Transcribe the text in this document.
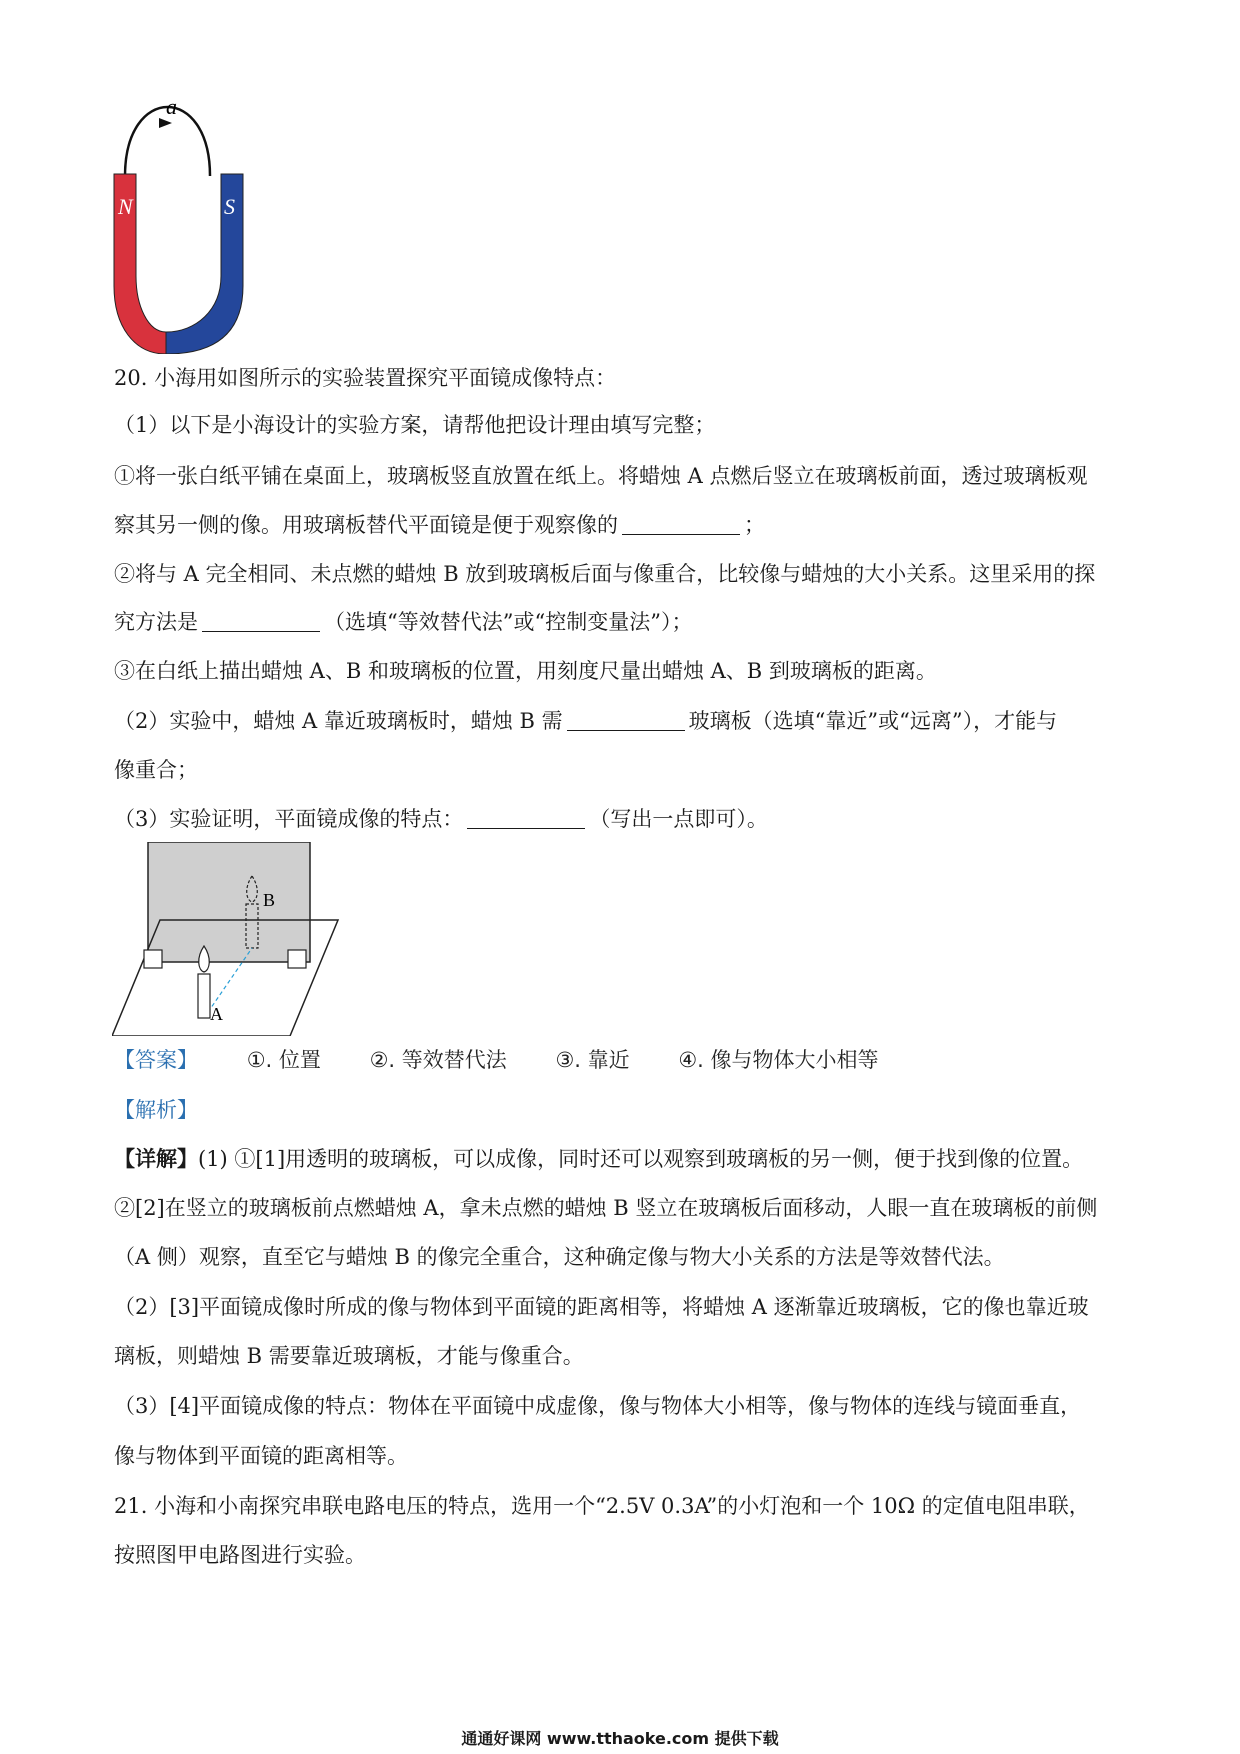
a
N	S
20. 小海用如图所示的实验装置探究平面镜成像特点：
（1）以下是小海设计的实验方案，请帮他把设计理由填写完整；
①将一张白纸平铺在桌面上，玻璃板竖直放置在纸上。将蜡烛 A 点燃后竖立在玻璃板前面，透过玻璃板观
察其另一侧的像。用玻璃板替代平面镜是便于观察像的	；
②将与 A 完全相同、未点燃的蜡烛 B 放到玻璃板后面与像重合，比较像与蜡烛的大小关系。这里采用的探
究方法是	（选填“等效替代法”或“控制变量法”）；
③在白纸上描出蜡烛 A、B 和玻璃板的位置，用刻度尺量出蜡烛 A、B 到玻璃板的距离。
（2）实验中，蜡烛 A 靠近玻璃板时，蜡烛 B 需	玻璃板（选填“靠近”或“远离”），才能与
像重合；
（3）实验证明，平面镜成像的特点：	（写出一点即可）。
B
A
【答案】 ①. 位置 ②. 等效替代法 ③. 靠近 ④. 像与物体大小相等
【解析】
【详解】(1) ①[1]用透明的玻璃板，可以成像，同时还可以观察到玻璃板的另一侧，便于找到像的位置。
②[2]在竖立的玻璃板前点燃蜡烛 A，拿未点燃的蜡烛 B 竖立在玻璃板后面移动，人眼一直在玻璃板的前侧
（A 侧）观察，直至它与蜡烛 B 的像完全重合，这种确定像与物大小关系的方法是等效替代法。
（2）[3]平面镜成像时所成的像与物体到平面镜的距离相等，将蜡烛 A 逐渐靠近玻璃板，它的像也靠近玻
璃板，则蜡烛 B 需要靠近玻璃板，才能与像重合。
（3）[4]平面镜成像的特点：物体在平面镜中成虚像，像与物体大小相等，像与物体的连线与镜面垂直，
像与物体到平面镜的距离相等。
21. 小海和小南探究串联电路电压的特点，选用一个“2.5V 0.3A”的小灯泡和一个 10Ω 的定值电阻串联，
按照图甲电路图进行实验。
通通好课网 www.tthaoke.com 提供下载
